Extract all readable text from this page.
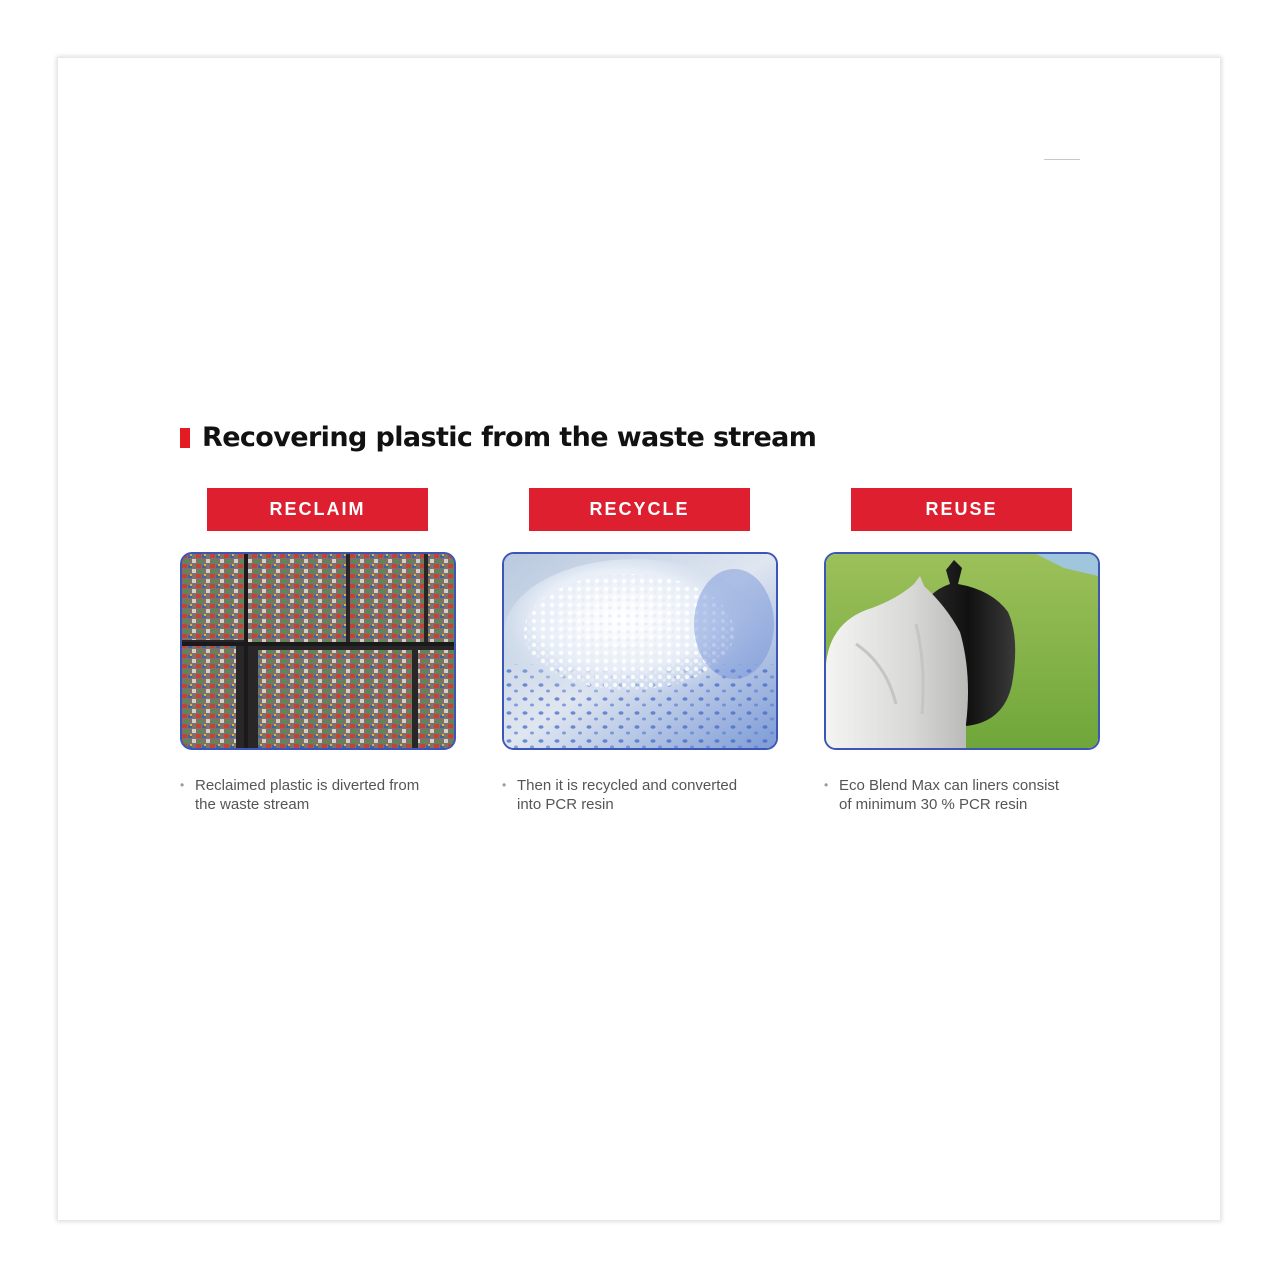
Recovering plastic from the waste stream
RECLAIM
• Reclaimed plastic is diverted from the waste stream
RECYCLE
• Then it is recycled and converted into PCR resin
REUSE
• Eco Blend Max can liners consist of minimum 30 % PCR resin
